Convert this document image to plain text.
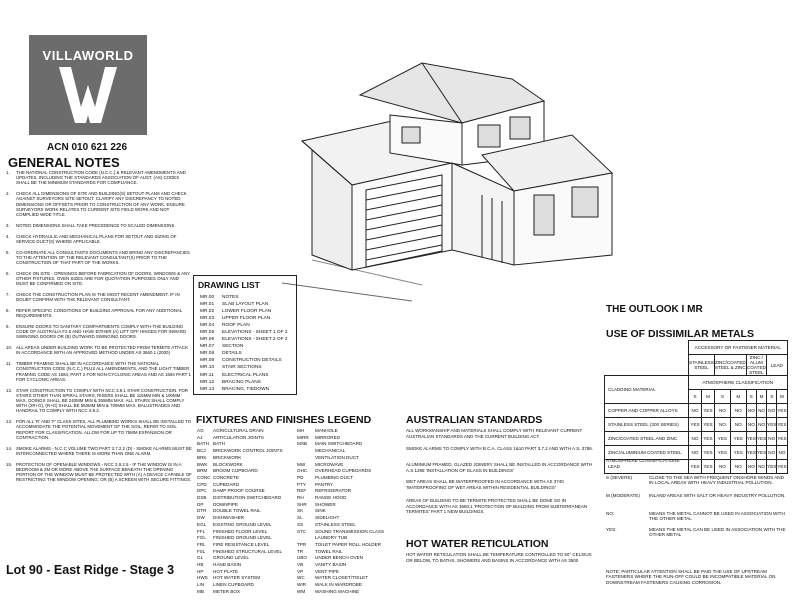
VILLAWORLD
ACN 010 621 226
GENERAL NOTES
1. THE NATIONAL CONSTRUCTION CODE (N.C.C.) & RELEVANT AMENDMENTS AND UPDATES, INCLUDING THE STANDARDS ASSOCIATION OF AUST. (AS) CODES SHALL BE THE MINIMUM STANDARDS FOR COMPLIANCE.
2. CHECK ALL DIMENSIONS OF SITE AND BUILDING(S) SETOUT PLANS AND CHECK AGAINST SURVEYORS SITE SETOUT. CLARIFY ANY DISCREPANCY TO NOTED DIMENSIONS OR OFFSETS PRIOR TO CONSTRUCTION OF ANY WORK. ENSURE SURVEYORS WORK RELATES TO CURRENT SITE FIELD WORK AND NOT COMPLIED WIDE TITLE.
3. NOTED DIMENSIONS SHALL TAKE PRECEDENCE TO SCALED DIMENSIONS.
4. CHECK HYDRAULIC AND MECHANICAL PLANS FOR SETOUT AND SIZING OF SERVICE DUCT(S) WHERE APPLICABLE.
5. CO-ORDINATE ALL CONSULTANTS DOCUMENTS AND BRING ANY DISCREPANCIES TO THE ATTENTION OF THE RELEVANT CONSULTANT(S) PRIOR TO THE CONSTRUCTION OF THAT PART OF THE WORKS.
6. CHECK ON SITE - OPENINGS BEFORE FABRICATION OF DOORS, WINDOWS & ANY OTHER FIXTURES. OVEN SIZES ARE FOR QUOTATION PURPOSES ONLY AND MUST BE CONFIRMED ON SITE.
7. CHECK THE CONSTRUCTION PLAN IS THE MOST RECENT AMENDMENT. IF IN DOUBT CONFIRM WITH THE RELEVANT CONSULTANT.
8. REFER SPECIFIC CONDITIONS OF BUILDING APPROVAL FOR ANY ADDITIONAL REQUIREMENTS.
9. ENSURE DOORS TO SANITARY COMPARTMENTS COMPLY WITH THE BUILDING CODE OF AUSTRALIA F2.5 AND HAVE EITHER (A) LIFT OFF HINGES FOR INWARD SWINGING DOORS OR (B) OUTWARD SWINGING DOORS.
10. ALL AREAS UNDER BUILDING WORK TO BE PROTECTED FROM TERMITE ATTACK IN ACCORDANCE WITH AN APPROVED METHOD UNDER AS 3660.1 (2000)
11. TIMBER FRAMING SHALL BE IN ACCORDANCE WITH THE NATIONAL CONSTRUCTION CODE (N.C.C.) PLUS ALL AMENDMENTS, AND THE LIGHT TIMBER FRAMING CODE AS 1684, PART 2 FOR NON-CYCLONIC AREAS AND AS 1684 PART 1 FOR CYCLONIC AREAS.
12. STAIR CONSTRUCTION TO COMPLY WITH NCC 3.9.1 STAIR CONSTRUCTION. FOR STAIRS OTHER THAN SPIRAL STAIRS, RISERS SHALL BE 115MM MIN & 190MM MAX, GOINGS SHALL BE 240MM MIN & 355MM MAX. ALL STAIRS SHALL COMPLY WITH (2R+G), (R+G) SHALL BE 550MM MIN & 700MM MAX. BALUSTRADES AND HANDRAIL TO COMPLY WITH NCC 3.9.2.
13. FOR ALL 'R' AND 'F' CLASS SITES, ALL PLUMBING WORKS SHALL BE INSTALLED TO ACCOMMODATE THE POTENTIAL MOVEMENT OF THE SOIL. REFER TO SOIL REPORT FOR CLASSIFICATION. ALLOW FOR UP TO 75MM EXPANSION OR CONTRACTION.
14. SMOKE ALARMS - N.C.C VOLUME TWO PART 3.7.2.2 (D) - SMOKE ALARMS MUST BE INTERCONNECTED WHERE THERE IS MORE THAN ONE ALARM.
15. PROTECTION OF OPENABLE WINDOWS - NCC 3.9.2.5 - IF THE WINDOW IS IN A BEDROOM & 2M OR MORE ABOVE THE SURFACE BENEATH THE OPENING PORTION OF THE WINDOW MUST BE PROTECTED WITH (A) A DEVICE CAPABLE OF RESTRICTING THE WINDOW OPENING; OR (B) A SCREEN WITH SECURE FITTINGS.
Lot 90 - East Ridge - Stage 3
DRAWING LIST
MR.00 NOTES
MR.01 SLAB LAYOUT PLAN
MR.02 LOWER FLOOR PLAN
MR.03 UPPER FLOOR PLAN
MR.04 ROOF PLAN
MR.05 ELEVATIONS - SHEET 1 OF 2
MR.06 ELEVATIONS - SHEET 2 OF 2
MR.07 SECTION
MR.08 DETAILS
MR.09 CONSTRUCTION DETAILS
MR.10 STAIR SECTIONS
MR.11 ELECTRICAL PLANS
MR.12 BRACING PLANS
MR.13 BRACING, TIEDOWN
THE OUTLOOK I MR
FIXTURES AND FINISHES LEGEND
AG AGRICULTURAL DRAIN
AJ ARTICULATION JOINTS
BATH BATH
BCJ BRICKWORK CONTROL JOINTS
BRK BRICKWORK
BWK BLOCKWORK
BRM BROOM CUPBOARD
CONC CONCRETE
CPD CUPBOARD
DPC DAMP PROOF COURSE
DSB DISTRIBUTION SWITCHBOARD
DP DOWNPIPE
DTR DOUBLE TOWEL RAIL
DW DISHWASHER
EGL EXISTING GROUND LEVEL
FFL FINISHED FLOOR LEVEL
FGL FINISHED GROUND LEVEL
FRL FIRE RESISTANCE LEVEL
FSL FINISHED STRUCTURAL LEVEL
GL GROUND LEVEL
HB HAND BASIN
HP HOT PLATE
HWS HOT WATER SYSTEM
LIN LINEN CUPBOARD
MB METER BOX
MH MANHOLE
MIRR MIRRORED
MSB MAIN SWITCHBOARD
MECHANICAL
VENTILATION DUCT
MW MICROWAVE
OHC OVERHEAD CUPBOARDS
PD	PLUMBING DUCT
PTY PANTRY
REF REFRIGERATOR
RH RANGE HOOD
SHR SHOWER
SK	SINK
SL	SIDELIGHT
SS	STAINLESS STEEL
STC SOUND TRANSMISSION CLASS
LAUNDRY TUB
TPR TOILET PAPER ROLL HOLDER
TR	TOWEL RAIL
UBO UNDER BENCH OVEN
VB	VANITY BASIN
VP	VENT PIPE
WC WATER CLOSET/TOILET
WIR WALK IN WARDROBE
WM WASHING MACHINE
AUSTRALIAN STANDARDS
ALL WORKMANSHIP AND MATERIALS SHALL COMPLY WITH RELEVANT CURRENT AUSTRALIAN STANDARDS AND THE CURRENT BUILDING ACT.
SMOKE ALARMS TO COMPLY WITH B.C.A. CLASS 1&10 PART 3.7.2 AND WITH A.S. 3786.
ALUMINIUM FRAMED, GLAZED JOINERY SHALL BE INSTALLED IN ACCORDANCE WITH A.S.1288 'INSTALLATION OF GLASS IN BUILDINGS'
WET AREAS SHALL BE WATERPROOFED IN ACCORDANCE WITH AS 3740 'WATERPROOFING OF WET AREAS WITHIN RESIDENTIAL BUILDINGS'
AREAS OF BUILDING TO BE TERMITE PROTECTED SHALL BE DONE SO IN ACCORDANCE WITH AS 3660.1 'PROTECTION OF BUILDING FROM SUBTERRANEAN TERMITES' PART 1 NEW BUILDINGS.
HOT WATER RETICULATION
HOT WATER RETICULATION SHALL BE TEMPERATURE CONTROLLED TO 50° CELSIUS OR BELOW, TO BATHS, SHOWERS AND BASINS IN ACCORDANCE WITH AS 3500
USE OF DISSIMILAR METALS
	ACCESSORY OR FASTENER MATERIAL							
	STAINLESS STEEL		ZINC/COATED STEEL & ZINC		ZINC / ALUM COATED STEEL		LEAD	
CLADDING MATERIAL	ATMOSPHERE CLASSIFICATION							
	S	M	S	M	S	M	S	M
COPPER AND COPPER ALLOYS	NO	YES	NO	NO	NO	NO	NO	YES
STAINLESS STEEL (300 SERIES)	YES	YES	NO	NO	NO	NO	YES	YES
ZINC/COATED STEEL AND ZINC	NO	YES	YES	YES	YES	YES	NO	YES
ZINC/ALUMINIUM COATED STEEL	NO	YES	YES	YES	YES	YES	NO	NO
LEAD	YES	YES	NO	NO	NO	NO	YES	YES
ATMOSPHERE CLASSIFICATIONS
S (SEVERE)	CLOSE TO THE SEA WITH FREQUENT ONSHORE WINDS AND IN LOCAL AREAS WITH HEAVY INDUSTRIAL POLLUTION.
M (MODERATE)	INLAND AREAS WITH SALT OR HEAVY INDUSTRY POLLUTION.
NO:	MEANS THE METAL CANNOT BE USED IN ASSOCIATION WITH THE OTHER METAL
YES:	MEANS THE METAL CAN BE USED IN ASSOCIATION WITH THE OTHER METAL
NOTE: PARTICULAR ATTENTION SHALL BE PAID THE USE OF UPSTREAM FASTENERS WHERE THE RUN-OFF COULD BE INCOMPATIBLE MATERIAL ON DOWNSTREAM FASTENERS CAUSING CORROSION.
